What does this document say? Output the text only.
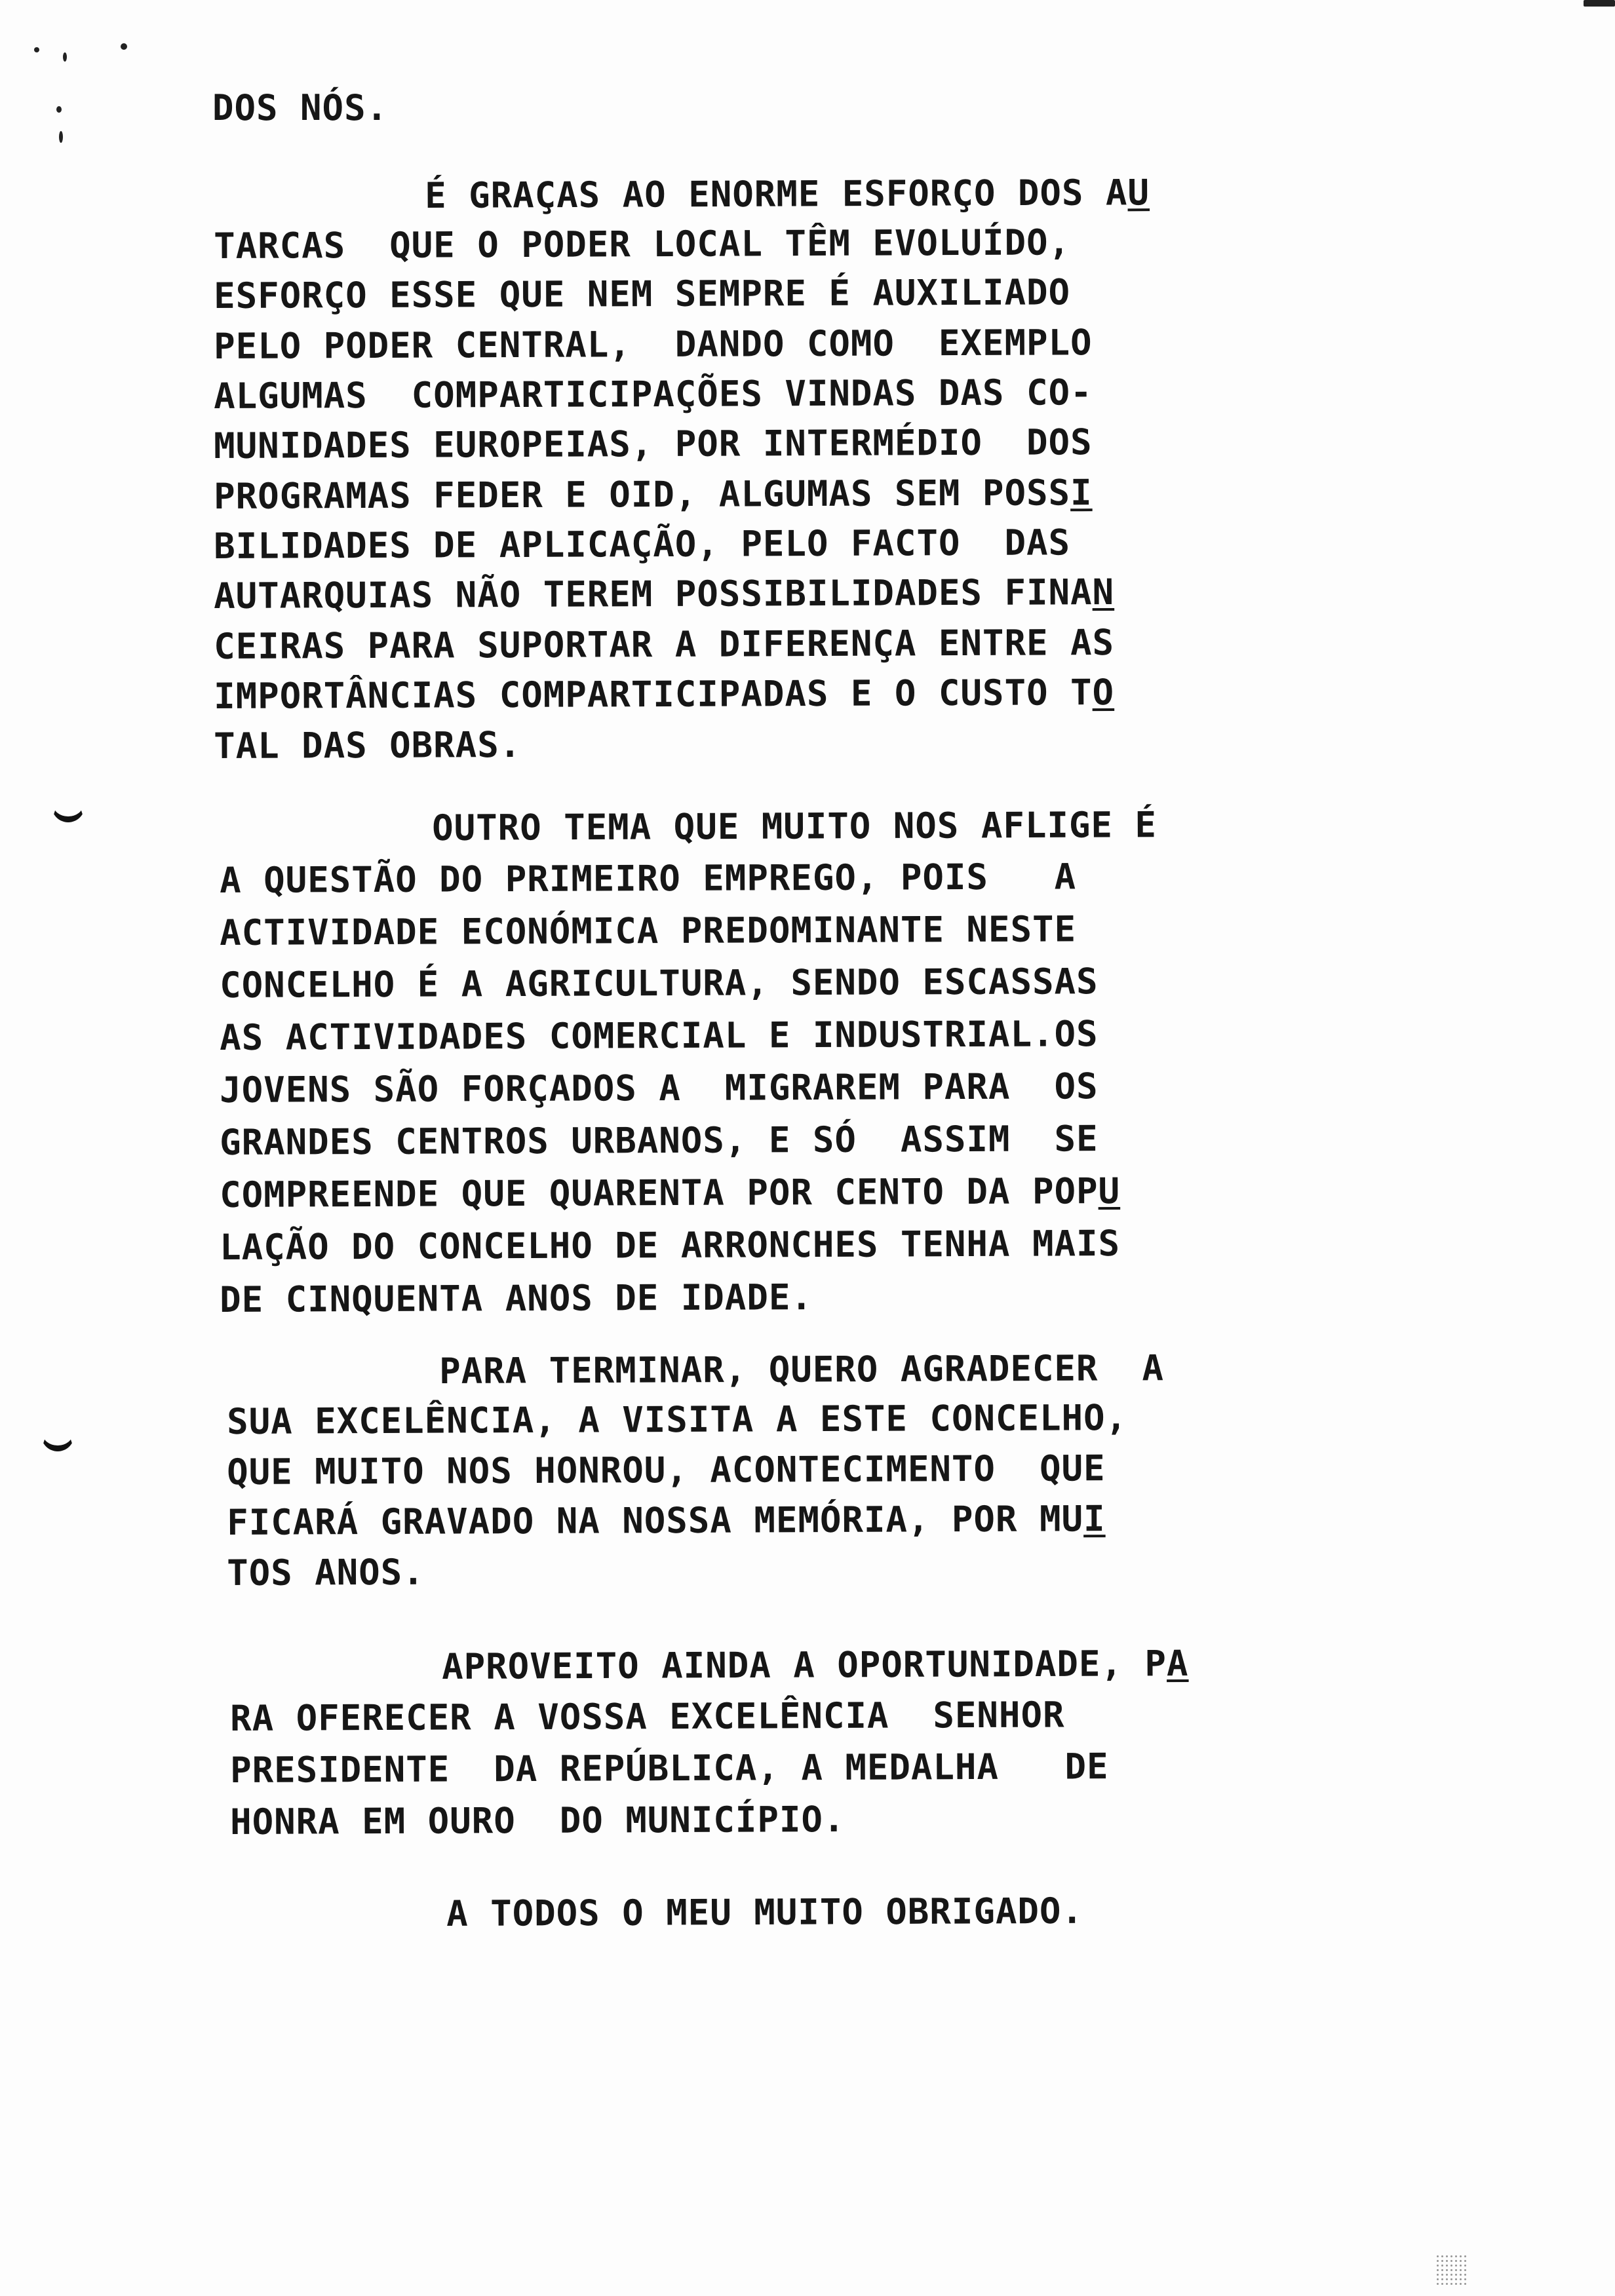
DOS NÓS.
É GRAÇAS AO ENORME ESFORÇO DOS AU
TARCAS  QUE O PODER LOCAL TÊM EVOLUÍDO,
ESFORÇO ESSE QUE NEM SEMPRE É AUXILIADO
PELO PODER CENTRAL,  DANDO COMO  EXEMPLO
ALGUMAS  COMPARTICIPAÇÕES VINDAS DAS CO-
MUNIDADES EUROPEIAS, POR INTERMÉDIO  DOS
PROGRAMAS FEDER E OID, ALGUMAS SEM POSSI
BILIDADES DE APLICAÇÃO, PELO FACTO  DAS
AUTARQUIAS NÃO TEREM POSSIBILIDADES FINAN
CEIRAS PARA SUPORTAR A DIFERENÇA ENTRE AS
IMPORTÂNCIAS COMPARTICIPADAS E O CUSTO TO
TAL DAS OBRAS.
OUTRO TEMA QUE MUITO NOS AFLIGE É
A QUESTÃO DO PRIMEIRO EMPREGO, POIS   A
ACTIVIDADE ECONÓMICA PREDOMINANTE NESTE
CONCELHO É A AGRICULTURA, SENDO ESCASSAS
AS ACTIVIDADES COMERCIAL E INDUSTRIAL.OS
JOVENS SÃO FORÇADOS A  MIGRAREM PARA  OS
GRANDES CENTROS URBANOS, E SÓ  ASSIM  SE
COMPREENDE QUE QUARENTA POR CENTO DA POPU
LAÇÃO DO CONCELHO DE ARRONCHES TENHA MAIS
DE CINQUENTA ANOS DE IDADE.
PARA TERMINAR, QUERO AGRADECER  A
SUA EXCELÊNCIA, A VISITA A ESTE CONCELHO,
QUE MUITO NOS HONROU, ACONTECIMENTO  QUE
FICARÁ GRAVADO NA NOSSA MEMÓRIA, POR MUI
TOS ANOS.
APROVEITO AINDA A OPORTUNIDADE, PA
RA OFERECER A VOSSA EXCELÊNCIA  SENHOR
PRESIDENTE  DA REPÚBLICA, A MEDALHA   DE
HONRA EM OURO  DO MUNICÍPIO.
A TODOS O MEU MUITO OBRIGADO.
